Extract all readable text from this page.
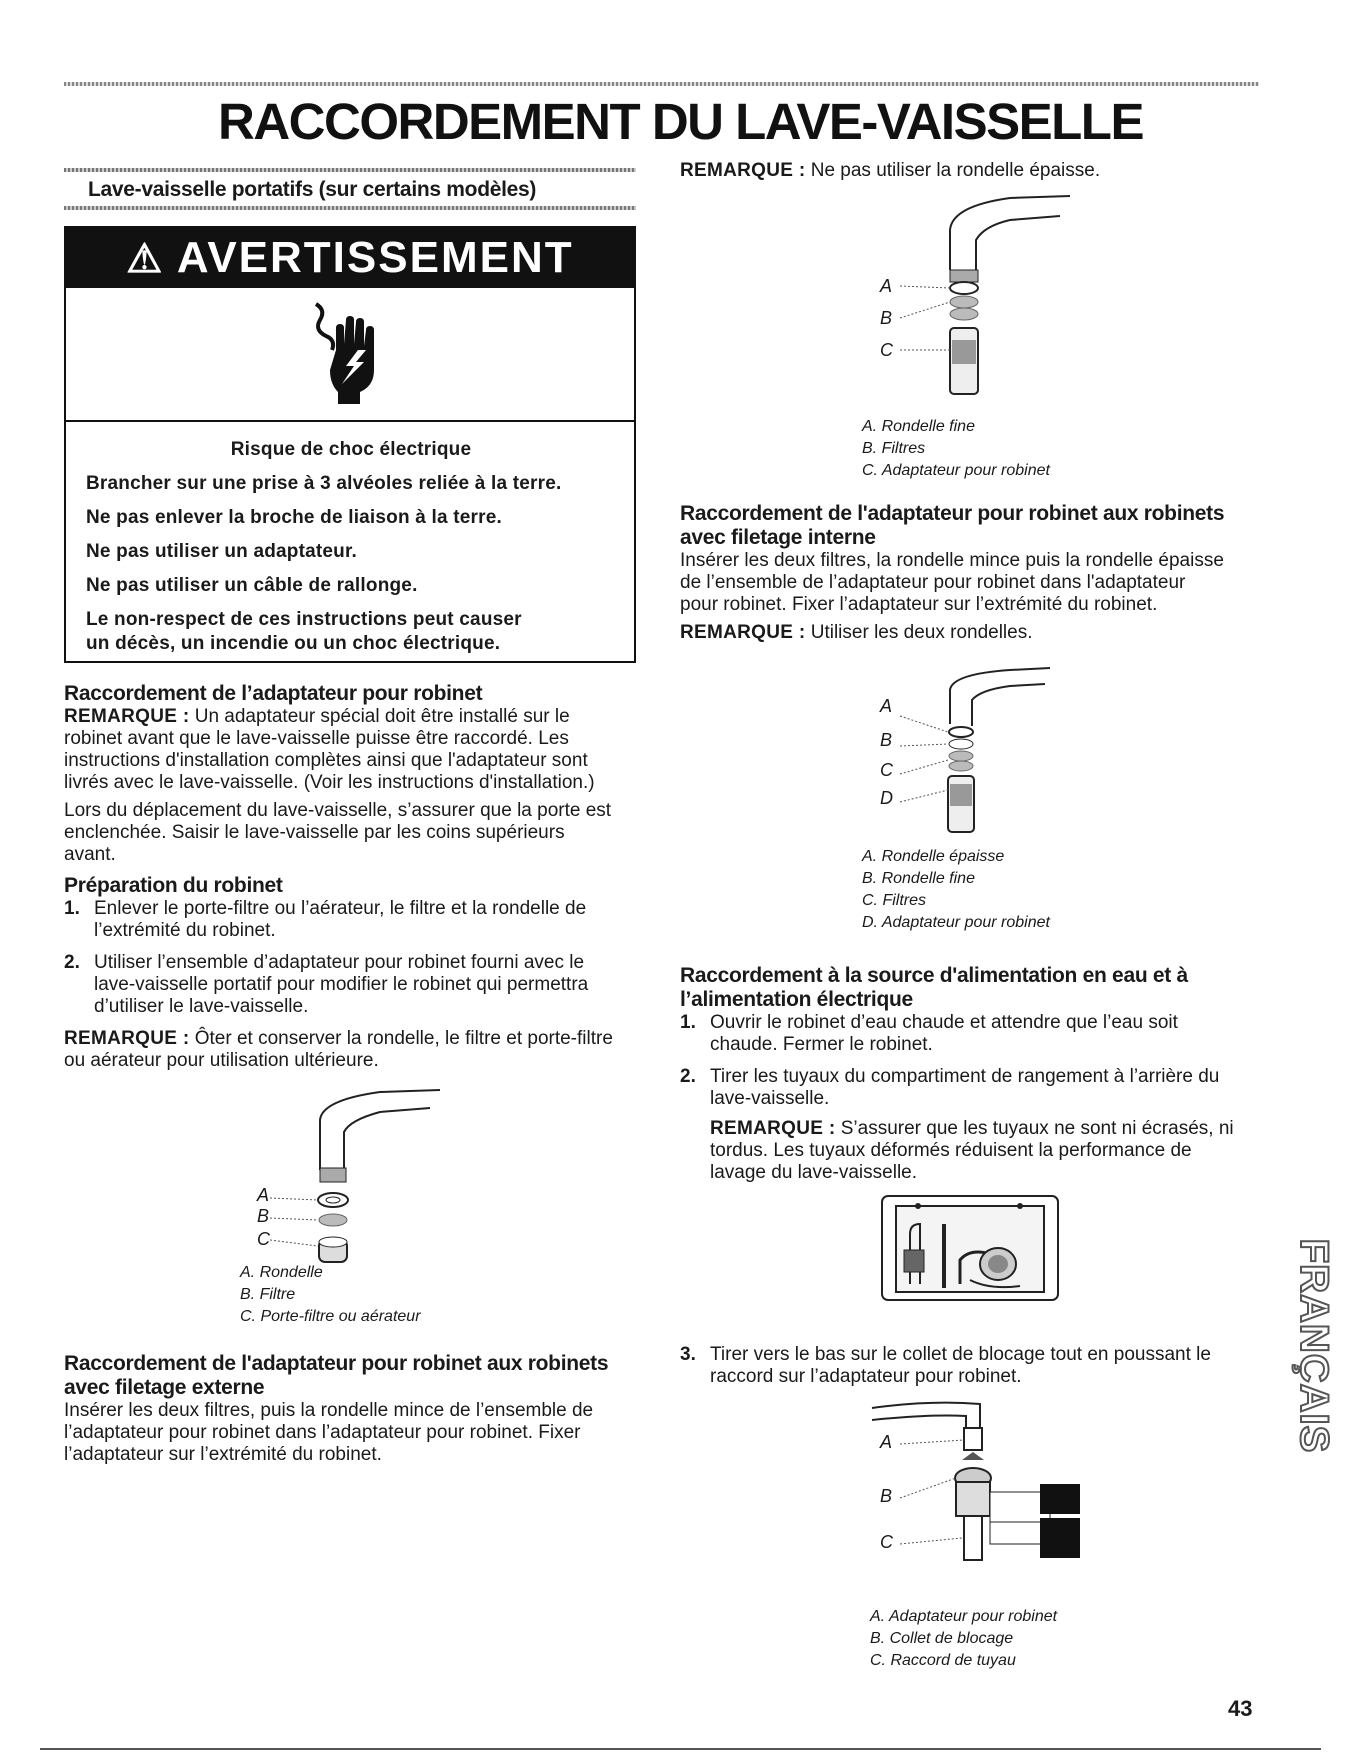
RACCORDEMENT DU LAVE-VAISSELLE
Lave-vaisselle portatifs (sur certains modèles)
⚠ AVERTISSEMENT
Risque de choc électrique
Brancher sur une prise à 3 alvéoles reliée à la terre.
Ne pas enlever la broche de liaison à la terre.
Ne pas utiliser un adaptateur.
Ne pas utiliser un câble de rallonge.
Le non-respect de ces instructions peut causer
un décès, un incendie ou un choc électrique.
Raccordement de l’adaptateur pour robinet
REMARQUE : Un adaptateur spécial doit être installé sur le
robinet avant que le lave-vaisselle puisse être raccordé. Les
instructions d'installation complètes ainsi que l'adaptateur sont
livrés avec le lave-vaisselle. (Voir les instructions d'installation.)
Lors du déplacement du lave-vaisselle, s’assurer que la porte est
enclenchée. Saisir le lave-vaisselle par les coins supérieurs
avant.
Préparation du robinet
1. Enlever le porte-filtre ou l’aérateur, le filtre et la rondelle de
l’extrémité du robinet.
2. Utiliser l’ensemble d’adaptateur pour robinet fourni avec le
lave-vaisselle portatif pour modifier le robinet qui permettra
d’utiliser le lave-vaisselle.
REMARQUE : Ôter et conserver la rondelle, le filtre et porte-filtre
ou aérateur pour utilisation ultérieure.
A
B
C
A. Rondelle
B. Filtre
C. Porte-filtre ou aérateur
Raccordement de l'adaptateur pour robinet aux robinets
avec filetage externe
Insérer les deux filtres, puis la rondelle mince de l’ensemble de
l’adaptateur pour robinet dans l’adaptateur pour robinet. Fixer
l’adaptateur sur l’extrémité du robinet.
REMARQUE : Ne pas utiliser la rondelle épaisse.
A
B
C
A. Rondelle fine
B. Filtres
C. Adaptateur pour robinet
Raccordement de l'adaptateur pour robinet aux robinets
avec filetage interne
Insérer les deux filtres, la rondelle mince puis la rondelle épaisse
de l’ensemble de l’adaptateur pour robinet dans l'adaptateur
pour robinet. Fixer l’adaptateur sur l’extrémité du robinet.
REMARQUE : Utiliser les deux rondelles.
A
B
C
D
A. Rondelle épaisse
B. Rondelle fine
C. Filtres
D. Adaptateur pour robinet
Raccordement à la source d'alimentation en eau et à
l’alimentation électrique
1. Ouvrir le robinet d’eau chaude et attendre que l’eau soit
chaude. Fermer le robinet.
2. Tirer les tuyaux du compartiment de rangement à l’arrière du
lave-vaisselle.
REMARQUE : S’assurer que les tuyaux ne sont ni écrasés, ni
tordus. Les tuyaux déformés réduisent la performance de
lavage du lave-vaisselle.
3. Tirer vers le bas sur le collet de blocage tout en poussant le
raccord sur l’adaptateur pour robinet.
A
B
C
A. Adaptateur pour robinet
B. Collet de blocage
C. Raccord de tuyau
FRANÇAIS
43
